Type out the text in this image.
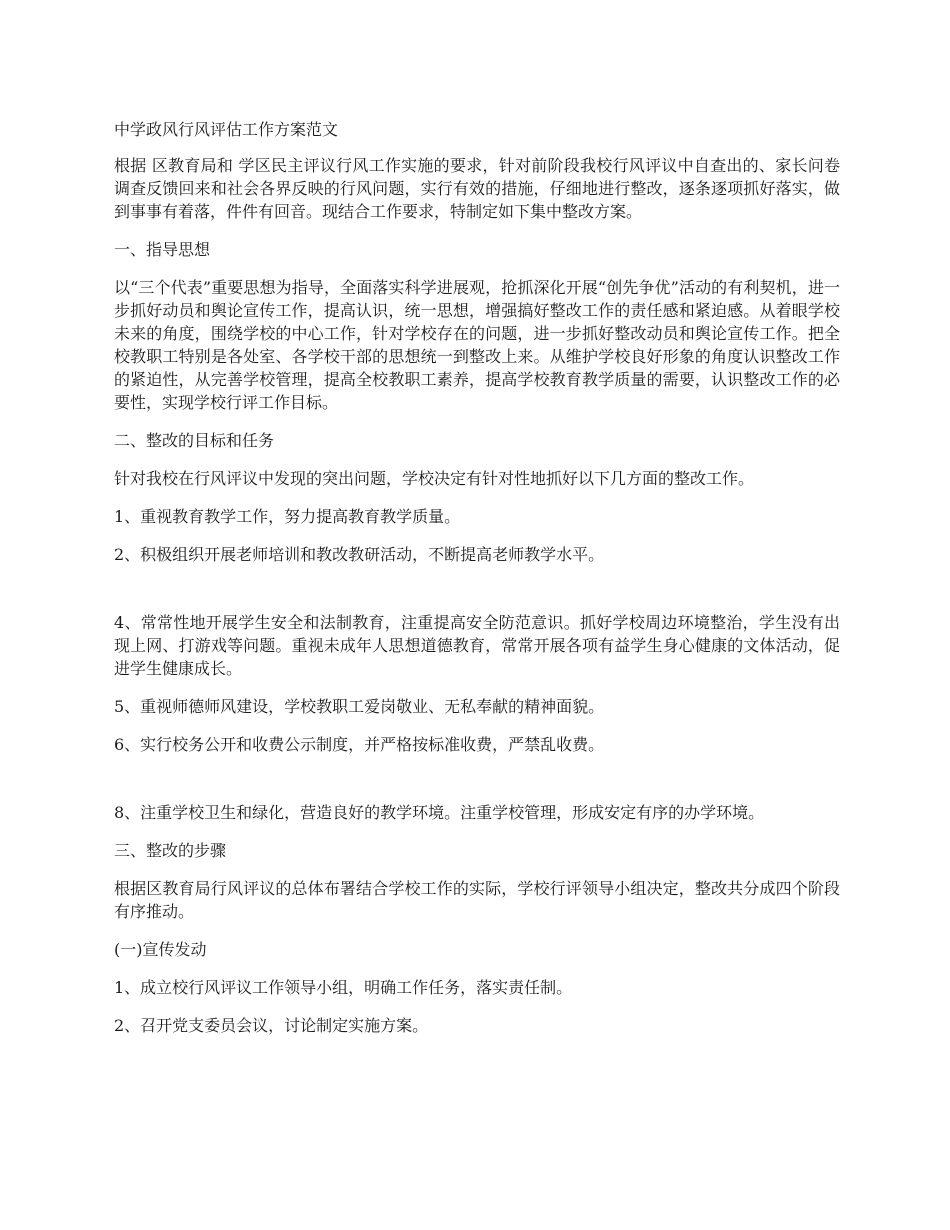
中学政风行风评估工作方案范文

根据 区教育局和 学区民主评议行风工作实施的要求，针对前阶段我校行风评议中自查出的、家长问卷调查反馈回来和社会各界反映的行风问题，实行有效的措施，仔细地进行整改，逐条逐项抓好落实，做到事事有着落，件件有回音。现结合工作要求，特制定如下集中整改方案。

一、指导思想

以“三个代表”重要思想为指导，全面落实科学进展观，抢抓深化开展“创先争优”活动的有利契机，进一步抓好动员和舆论宣传工作，提高认识，统一思想，增强搞好整改工作的责任感和紧迫感。从着眼学校未来的角度，围绕学校的中心工作，针对学校存在的问题，进一步抓好整改动员和舆论宣传工作。把全校教职工特别是各处室、各学校干部的思想统一到整改上来。从维护学校良好形象的角度认识整改工作的紧迫性，从完善学校管理，提高全校教职工素养，提高学校教育教学质量的需要，认识整改工作的必要性，实现学校行评工作目标。

二、整改的目标和任务

针对我校在行风评议中发现的突出问题，学校决定有针对性地抓好以下几方面的整改工作。

1、重视教育教学工作，努力提高教育教学质量。

2、积极组织开展老师培训和教改教研活动，不断提高老师教学水平。

4、常常性地开展学生安全和法制教育，注重提高安全防范意识。抓好学校周边环境整治，学生没有出现上网、打游戏等问题。重视未成年人思想道德教育，常常开展各项有益学生身心健康的文体活动，促进学生健康成长。

5、重视师德师风建设，学校教职工爱岗敬业、无私奉献的精神面貌。

6、实行校务公开和收费公示制度，并严格按标准收费，严禁乱收费。

8、注重学校卫生和绿化，营造良好的教学环境。注重学校管理，形成安定有序的办学环境。

三、整改的步骤

根据区教育局行风评议的总体布署结合学校工作的实际，学校行评领导小组决定，整改共分成四个阶段有序推动。

(一)宣传发动

1、成立校行风评议工作领导小组，明确工作任务，落实责任制。

2、召开党支委员会议，讨论制定实施方案。
